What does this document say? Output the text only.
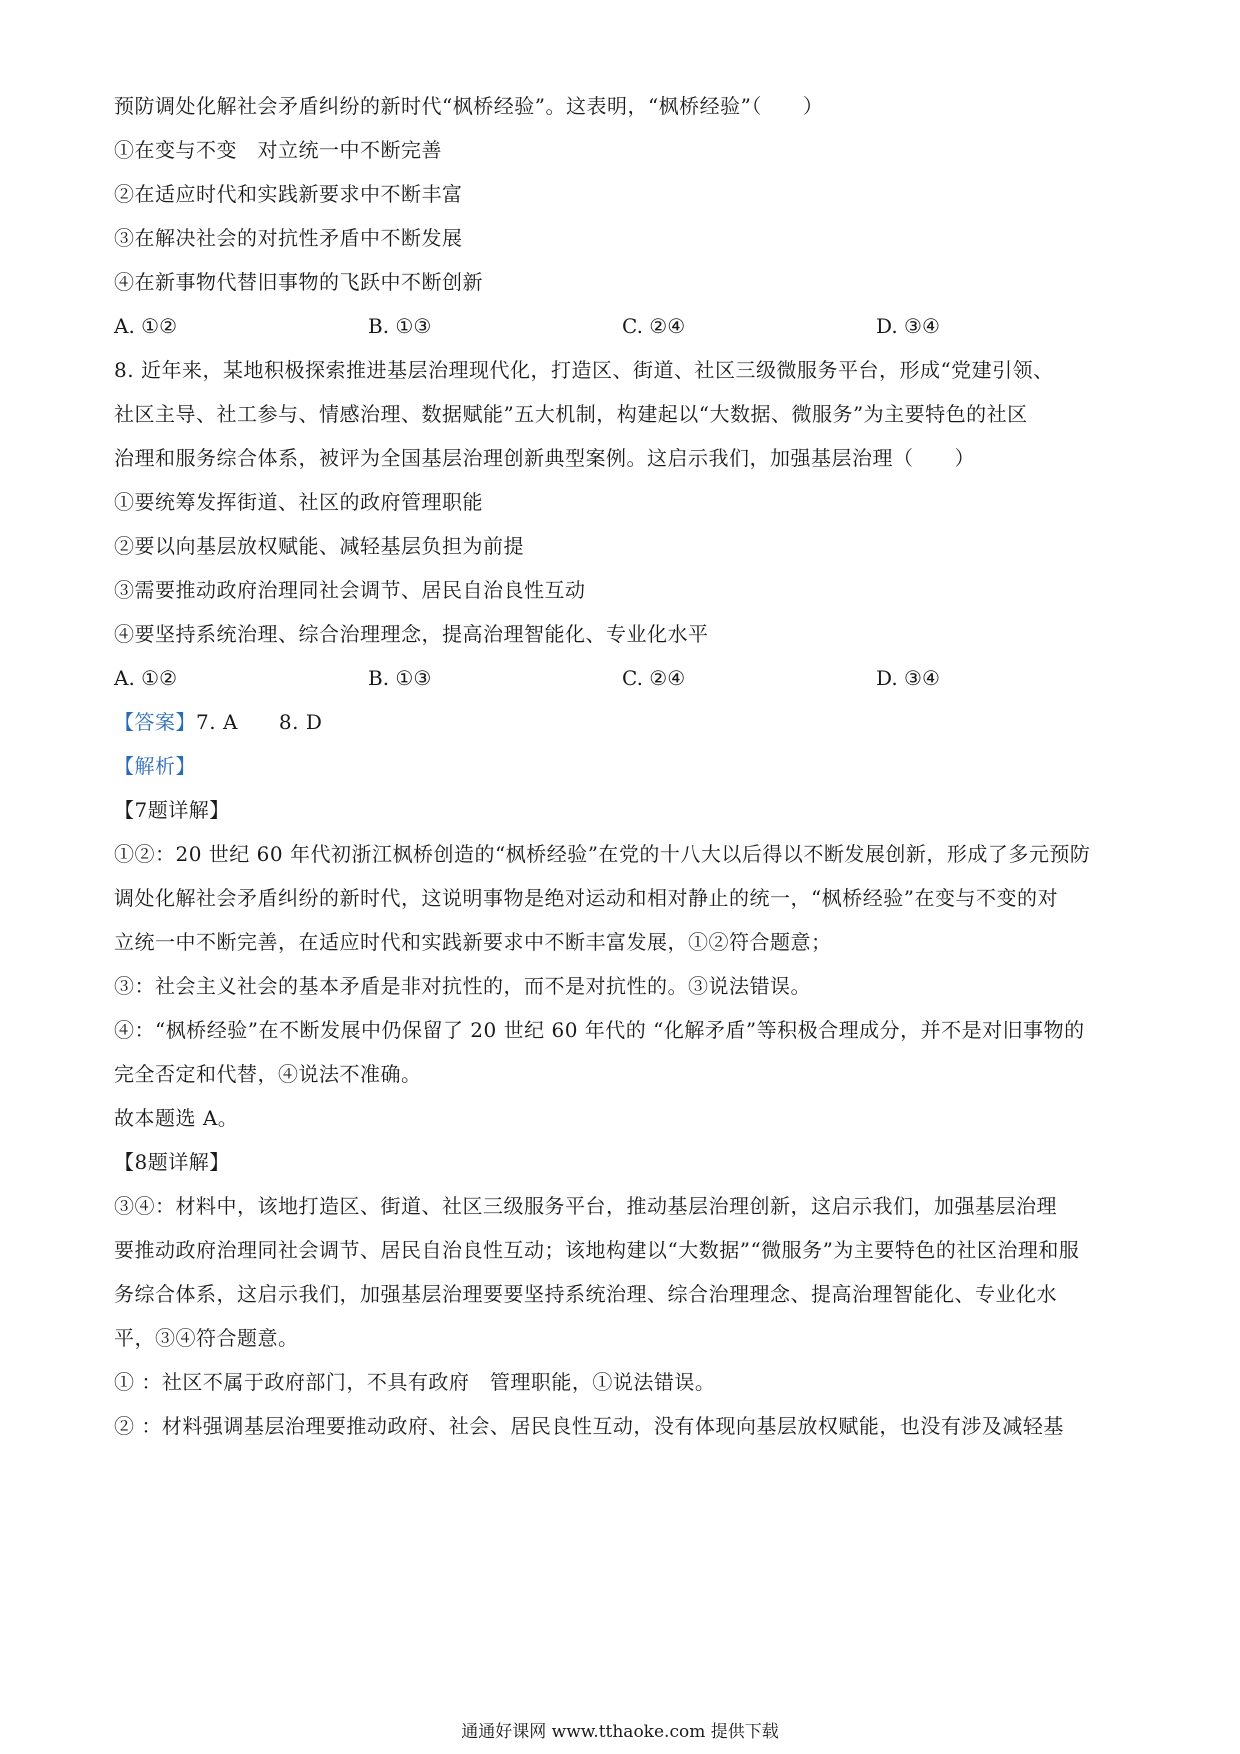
预防调处化解社会矛盾纠纷的新时代“枫桥经验”。这表明，“枫桥经验”（　　）
①在变与不变　对立统一中不断完善
②在适应时代和实践新要求中不断丰富
③在解决社会的对抗性矛盾中不断发展
④在新事物代替旧事物的飞跃中不断创新
A. ①②	B. ①③	C. ②④	D. ③④
8. 近年来，某地积极探索推进基层治理现代化，打造区、街道、社区三级微服务平台，形成“党建引领、
社区主导、社工参与、情感治理、数据赋能”五大机制，构建起以“大数据、微服务”为主要特色的社区
治理和服务综合体系，被评为全国基层治理创新典型案例。这启示我们，加强基层治理（　　）
①要统筹发挥街道、社区的政府管理职能
②要以向基层放权赋能、减轻基层负担为前提
③需要推动政府治理同社会调节、居民自治良性互动
④要坚持系统治理、综合治理理念，提高治理智能化、专业化水平
A. ①②	B. ①③	C. ②④	D. ③④
【答案】7. A　　8. D
【解析】
【7题详解】
①②：20 世纪 60 年代初浙江枫桥创造的“枫桥经验”在党的十八大以后得以不断发展创新，形成了多元预防
调处化解社会矛盾纠纷的新时代，这说明事物是绝对运动和相对静止的统一，“枫桥经验”在变与不变的对
立统一中不断完善，在适应时代和实践新要求中不断丰富发展，①②符合题意；
③：社会主义社会的基本矛盾是非对抗性的，而不是对抗性的。③说法错误。
④：“枫桥经验”在不断发展中仍保留了 20 世纪 60 年代的 “化解矛盾”等积极合理成分，并不是对旧事物的
完全否定和代替，④说法不准确。
故本题选 A。
【8题详解】
③④：材料中，该地打造区、街道、社区三级服务平台，推动基层治理创新，这启示我们，加强基层治理
要推动政府治理同社会调节、居民自治良性互动；该地构建以“大数据”“微服务”为主要特色的社区治理和服
务综合体系，这启示我们，加强基层治理要要坚持系统治理、综合治理理念、提高治理智能化、专业化水
平，③④符合题意。
① ：社区不属于政府部门，不具有政府　管理职能，①说法错误。
② ：材料强调基层治理要推动政府、社会、居民良性互动，没有体现向基层放权赋能，也没有涉及减轻基
通通好课网 www.tthaoke.com 提供下载
